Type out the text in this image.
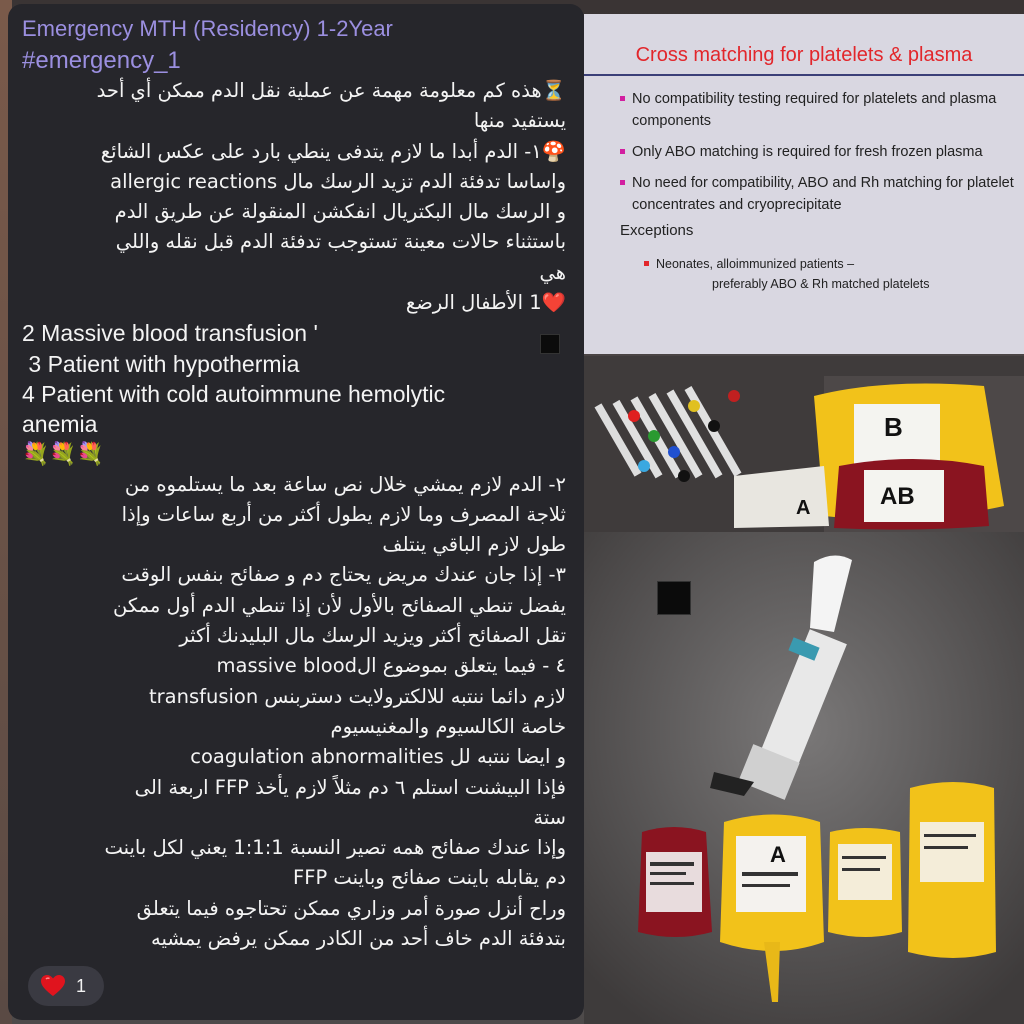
Emergency MTH (Residency) 1-2Year
#emergency_1
⏳هذه كم معلومة مهمة عن عملية نقل الدم ممكن أي أحد
يستفيد منها
🍄١- الدم أبدا ما لازم يتدفى ينطي بارد على عكس الشائع
واساسا تدفئة الدم تزيد الرسك مال allergic reactions
و الرسك مال البكتريال انفكشن المنقولة عن طريق الدم
باستثناء حالات معينة تستوجب تدفئة الدم قبل نقله واللي
هي
❤️1 الأطفال الرضع
2 Massive blood transfusion '
3 Patient with hypothermia
4 Patient with cold autoimmune hemolytic
anemia
💐💐💐
٢- الدم لازم يمشي خلال نص ساعة بعد ما يستلموه من
ثلاجة المصرف وما لازم يطول أكثر من أربع ساعات وإذا
طول لازم الباقي ينتلف
٣- إذا جان عندك مريض يحتاج دم و صفائح بنفس الوقت
يفضل تنطي الصفائح بالأول لأن إذا تنطي الدم أول ممكن
تقل الصفائح أكثر ويزيد الرسك مال البليدنك أكثر
٤ - فيما يتعلق بموضوع الmassive blood
transfusion لازم دائما ننتبه للالكترولايت دستربنس
خاصة الكالسيوم والمغنيسيوم
و ايضا ننتبه لل coagulation abnormalities
فإذا البيشنت استلم ٦ دم مثلاً لازم يأخذ FFP اربعة الى
ستة
وإذا عندك صفائح همه تصير النسبة 1:1:1 يعني لكل باينت
دم يقابله باينت صفائح وباينت FFP
وراح أنزل صورة أمر وزاري ممكن تحتاجوه فيما يتعلق
بتدفئة الدم خاف أحد من الكادر ممكن يرفض يمشيه
1
Cross matching for platelets & plasma
No compatibility testing required for platelets and plasma components
Only ABO matching is required for fresh frozen plasma
No need for compatibility, ABO and Rh matching for platelet concentrates and cryoprecipitate
Exceptions
Neonates, alloimmunized patients –
preferably ABO & Rh matched platelets
B
AB
A
A
